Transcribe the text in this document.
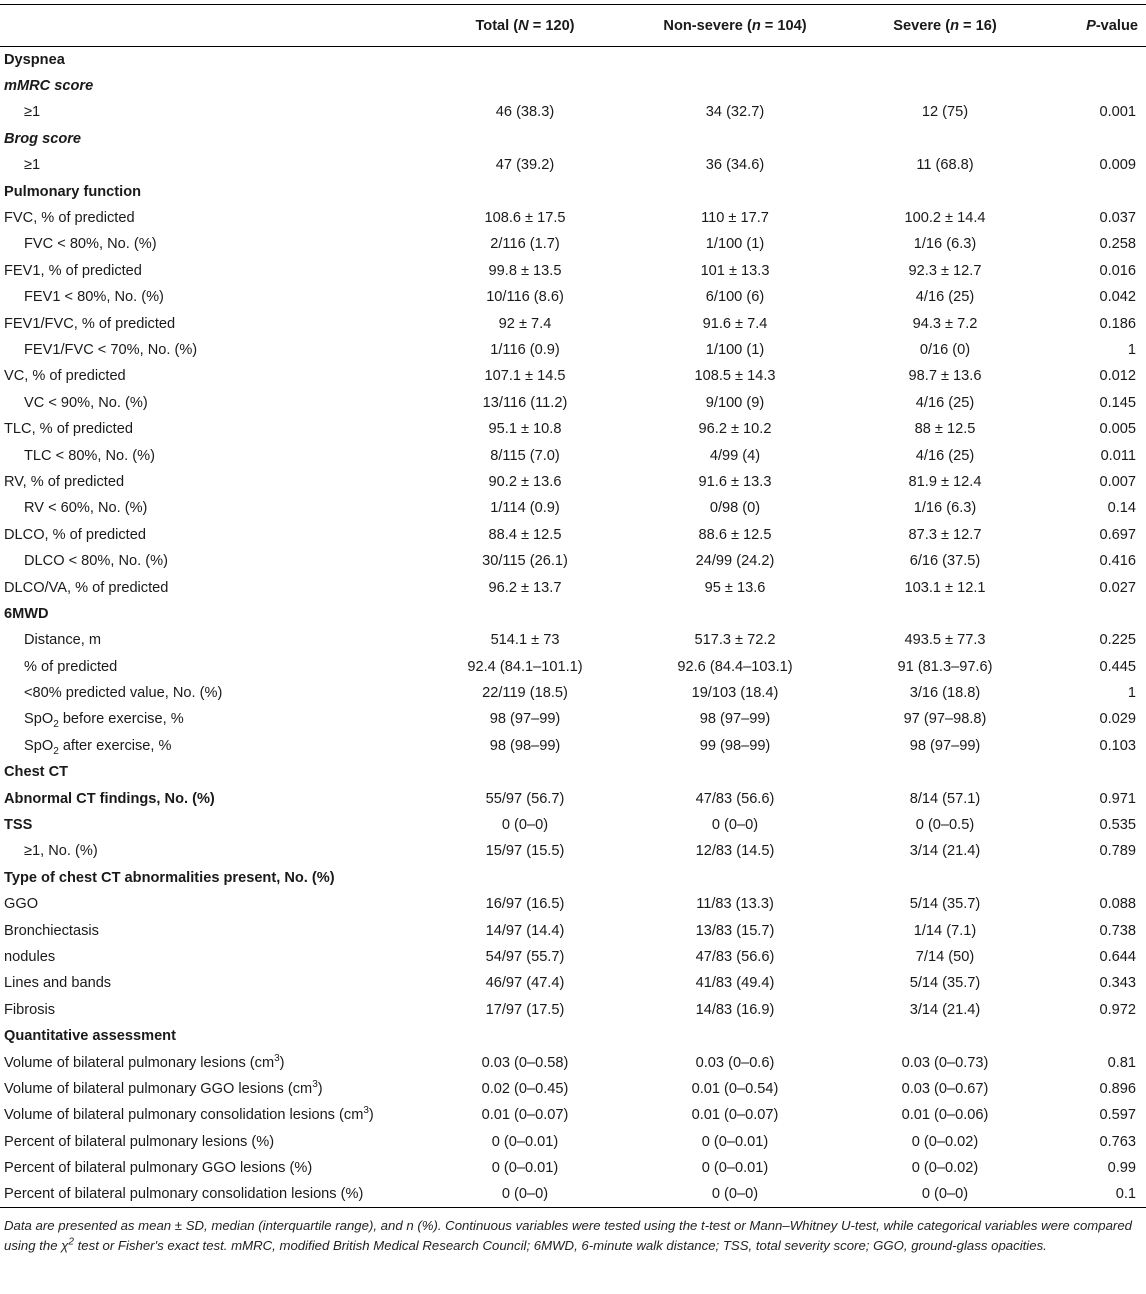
	Total (N = 120)	Non-severe (n = 104)	Severe (n = 16)	P-value
Dyspnea				
mMRC score				
≥1	46 (38.3)	34 (32.7)	12 (75)	0.001
Brog score				
≥1	47 (39.2)	36 (34.6)	11 (68.8)	0.009
Pulmonary function				
FVC, % of predicted	108.6 ± 17.5	110 ± 17.7	100.2 ± 14.4	0.037
FVC < 80%, No. (%)	2/116 (1.7)	1/100 (1)	1/16 (6.3)	0.258
FEV1, % of predicted	99.8 ± 13.5	101 ± 13.3	92.3 ± 12.7	0.016
FEV1 < 80%, No. (%)	10/116 (8.6)	6/100 (6)	4/16 (25)	0.042
FEV1/FVC, % of predicted	92 ± 7.4	91.6 ± 7.4	94.3 ± 7.2	0.186
FEV1/FVC < 70%, No. (%)	1/116 (0.9)	1/100 (1)	0/16 (0)	1
VC, % of predicted	107.1 ± 14.5	108.5 ± 14.3	98.7 ± 13.6	0.012
VC < 90%, No. (%)	13/116 (11.2)	9/100 (9)	4/16 (25)	0.145
TLC, % of predicted	95.1 ± 10.8	96.2 ± 10.2	88 ± 12.5	0.005
TLC < 80%, No. (%)	8/115 (7.0)	4/99 (4)	4/16 (25)	0.011
RV, % of predicted	90.2 ± 13.6	91.6 ± 13.3	81.9 ± 12.4	0.007
RV < 60%, No. (%)	1/114 (0.9)	0/98 (0)	1/16 (6.3)	0.14
DLCO, % of predicted	88.4 ± 12.5	88.6 ± 12.5	87.3 ± 12.7	0.697
DLCO < 80%, No. (%)	30/115 (26.1)	24/99 (24.2)	6/16 (37.5)	0.416
DLCO/VA, % of predicted	96.2 ± 13.7	95 ± 13.6	103.1 ± 12.1	0.027
6MWD				
Distance, m	514.1 ± 73	517.3 ± 72.2	493.5 ± 77.3	0.225
% of predicted	92.4 (84.1–101.1)	92.6 (84.4–103.1)	91 (81.3–97.6)	0.445
<80% predicted value, No. (%)	22/119 (18.5)	19/103 (18.4)	3/16 (18.8)	1
SpO$_2$ before exercise, %	98 (97–99)	98 (97–99)	97 (97–98.8)	0.029
SpO$_2$ after exercise, %	98 (98–99)	99 (98–99)	98 (97–99)	0.103
Chest CT				
Abnormal CT findings, No. (%)	55/97 (56.7)	47/83 (56.6)	8/14 (57.1)	0.971
TSS	0 (0–0)	0 (0–0)	0 (0–0.5)	0.535
≥1, No. (%)	15/97 (15.5)	12/83 (14.5)	3/14 (21.4)	0.789
Type of chest CT abnormalities present, No. (%)				
GGO	16/97 (16.5)	11/83 (13.3)	5/14 (35.7)	0.088
Bronchiectasis	14/97 (14.4)	13/83 (15.7)	1/14 (7.1)	0.738
nodules	54/97 (55.7)	47/83 (56.6)	7/14 (50)	0.644
Lines and bands	46/97 (47.4)	41/83 (49.4)	5/14 (35.7)	0.343
Fibrosis	17/97 (17.5)	14/83 (16.9)	3/14 (21.4)	0.972
Quantitative assessment				
Volume of bilateral pulmonary lesions $(cm^3)$	0.03 (0–0.58)	0.03 (0–0.6)	0.03 (0–0.73)	0.81
Volume of bilateral pulmonary GGO lesions $(cm^3)$	0.02 (0–0.45)	0.01 (0–0.54)	0.03 (0–0.67)	0.896
Volume of bilateral pulmonary consolidation lesions $(cm^3)$	0.01 (0–0.07)	0.01 (0–0.07)	0.01 (0–0.06)	0.597
Percent of bilateral pulmonary lesions (%)	0 (0–0.01)	0 (0–0.01)	0 (0–0.02)	0.763
Percent of bilateral pulmonary GGO lesions (%)	0 (0–0.01)	0 (0–0.01)	0 (0–0.02)	0.99
Percent of bilateral pulmonary consolidation lesions (%)	0 (0–0)	0 (0–0)	0 (0–0)	0.1
Data are presented as mean ± SD, median (interquartile range), and n (%). Continuous variables were tested using the t-test or Mann–Whitney U-test, while categorical variables were compared using the $\chi^2$ test or Fisher's exact test. mMRC, modified British Medical Research Council; 6MWD, 6-minute walk distance; TSS, total severity score; GGO, ground-glass opacities.
